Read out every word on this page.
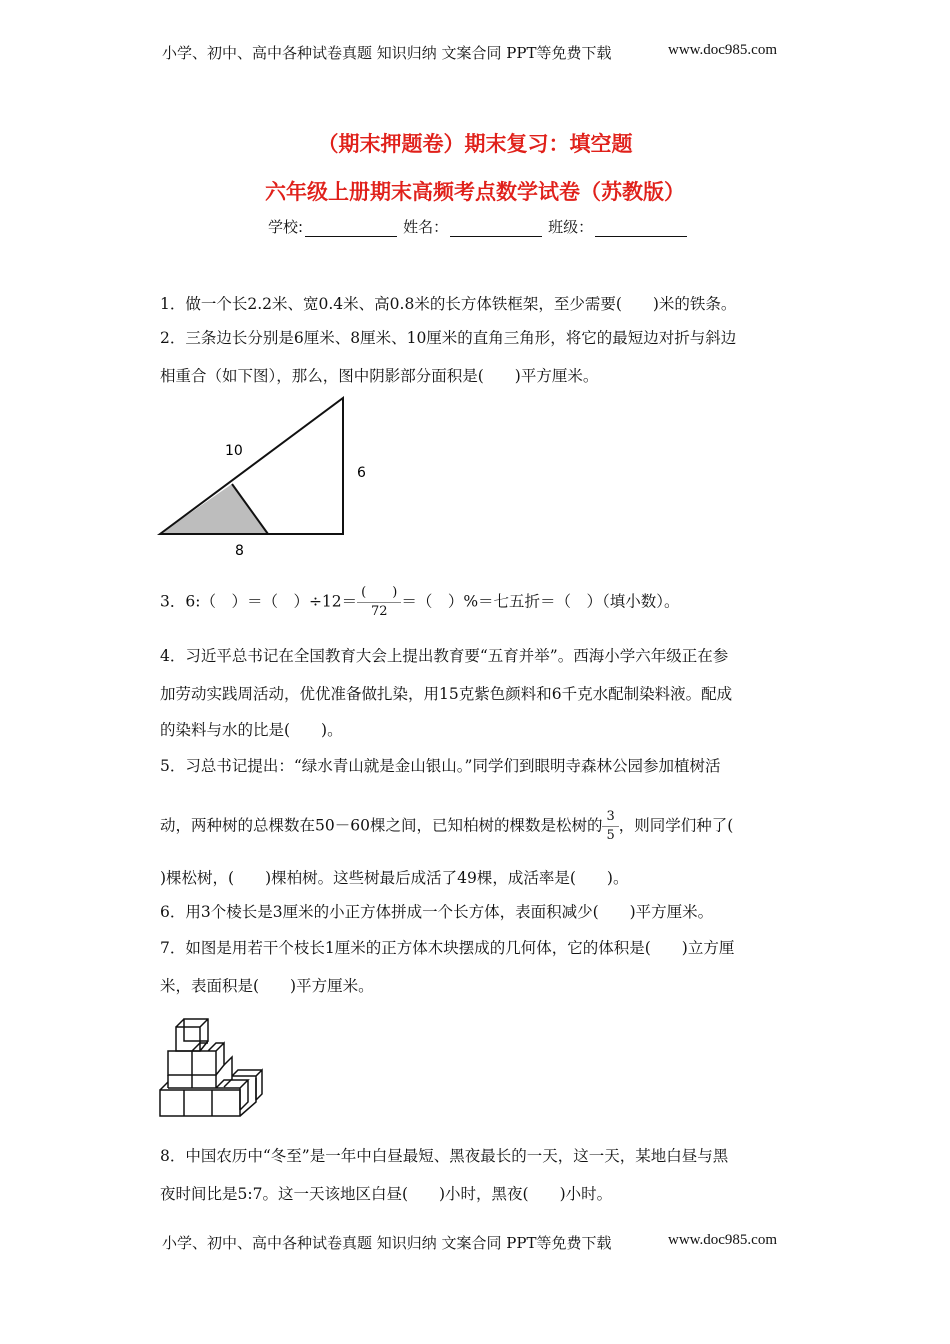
小学、初中、高中各种试卷真题 知识归纳 文案合同 PPT等免费下载	www.doc985.com
（期末押题卷）期末复习：填空题
六年级上册期末高频考点数学试卷（苏教版）
学校:	姓名：	班级：
1．做一个长2.2米、宽0.4米、高0.8米的长方体铁框架，至少需要(　　)米的铁条。
2．三条边长分别是6厘米、8厘米、10厘米的直角三角形，将它的最短边对折与斜边
相重合（如下图），那么，图中阴影部分面积是(　　)平方厘米。
10
6
8
3．6:（　）＝（　）$\div 12= \frac{( )}{72}$ ＝（　）%＝七五折＝（　）（填小数）。
4．习近平总书记在全国教育大会上提出教育要“五育并举”。西海小学六年级正在参
加劳动实践周活动，优优准备做扎染，用15克紫色颜料和6千克水配制染料液。配成
的染料与水的比是(　　)。
5．习总书记提出：“绿水青山就是金山银山。”同学们到眼明寺森林公园参加植树活
动，两种树的总棵数在50－60棵之间，已知柏树的棵数是松树的 $\frac{3}{5}$ ，则同学们种了(
)棵松树，(　　)棵柏树。这些树最后成活了49棵，成活率是(　　)。
6．用3个棱长是3厘米的小正方体拼成一个长方体，表面积减少(　　)平方厘米。
7．如图是用若干个枝长1厘米的正方体木块摆成的几何体，它的体积是(　　)立方厘
米，表面积是(　　)平方厘米。
8．中国农历中“冬至”是一年中白昼最短、黑夜最长的一天，这一天，某地白昼与黑
夜时间比是5:7。这一天该地区白昼(　　)小时，黑夜(　　)小时。
小学、初中、高中各种试卷真题 知识归纳 文案合同 PPT等免费下载	www.doc985.com
